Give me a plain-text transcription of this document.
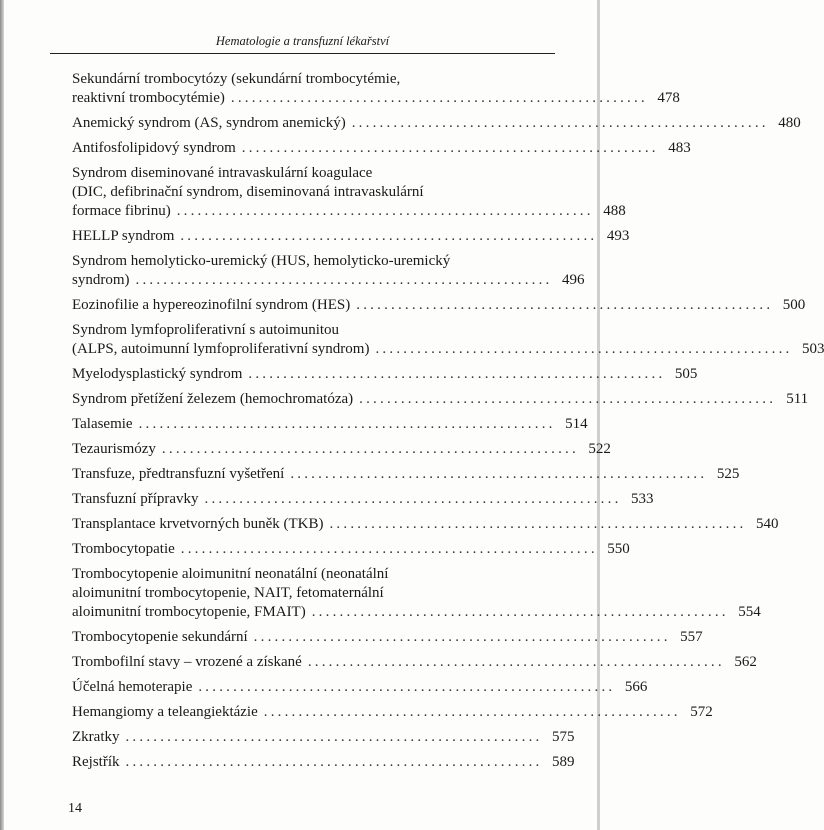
Hematologie a transfuzní lékařství
Sekundární trombocytózy (sekundární trombocytémie,
reaktivní trombocytémie) ............................................................ 478
Anemický syndrom (AS, syndrom anemický) ............................................................ 480
Antifosfolipidový syndrom ............................................................ 483
Syndrom diseminované intravaskulární koagulace
(DIC, defibrinační syndrom, diseminovaná intravaskulární
formace fibrinu) ............................................................ 488
HELLP syndrom ............................................................ 493
Syndrom hemolyticko-uremický (HUS, hemolyticko-uremický
syndrom) ............................................................ 496
Eozinofilie a hypereozinofilní syndrom (HES) ............................................................ 500
Syndrom lymfoproliferativní s autoimunitou
(ALPS, autoimunní lymfoproliferativní syndrom) ............................................................ 503
Myelodysplastický syndrom ............................................................ 505
Syndrom přetížení železem (hemochromatóza) ............................................................ 511
Talasemie ............................................................ 514
Tezaurismózy ............................................................ 522
Transfuze, předtransfuzní vyšetření ............................................................ 525
Transfuzní přípravky ............................................................ 533
Transplantace krvetvorných buněk (TKB) ............................................................ 540
Trombocytopatie ............................................................ 550
Trombocytopenie aloimunitní neonatální (neonatální
aloimunitní trombocytopenie, NAIT, fetomaternální
aloimunitní trombocytopenie, FMAIT) ............................................................ 554
Trombocytopenie sekundární ............................................................ 557
Trombofilní stavy – vrozené a získané ............................................................ 562
Účelná hemoterapie ............................................................ 566
Hemangiomy a teleangiektázie ............................................................ 572
Zkratky ............................................................ 575
Rejstřík ............................................................ 589
14
